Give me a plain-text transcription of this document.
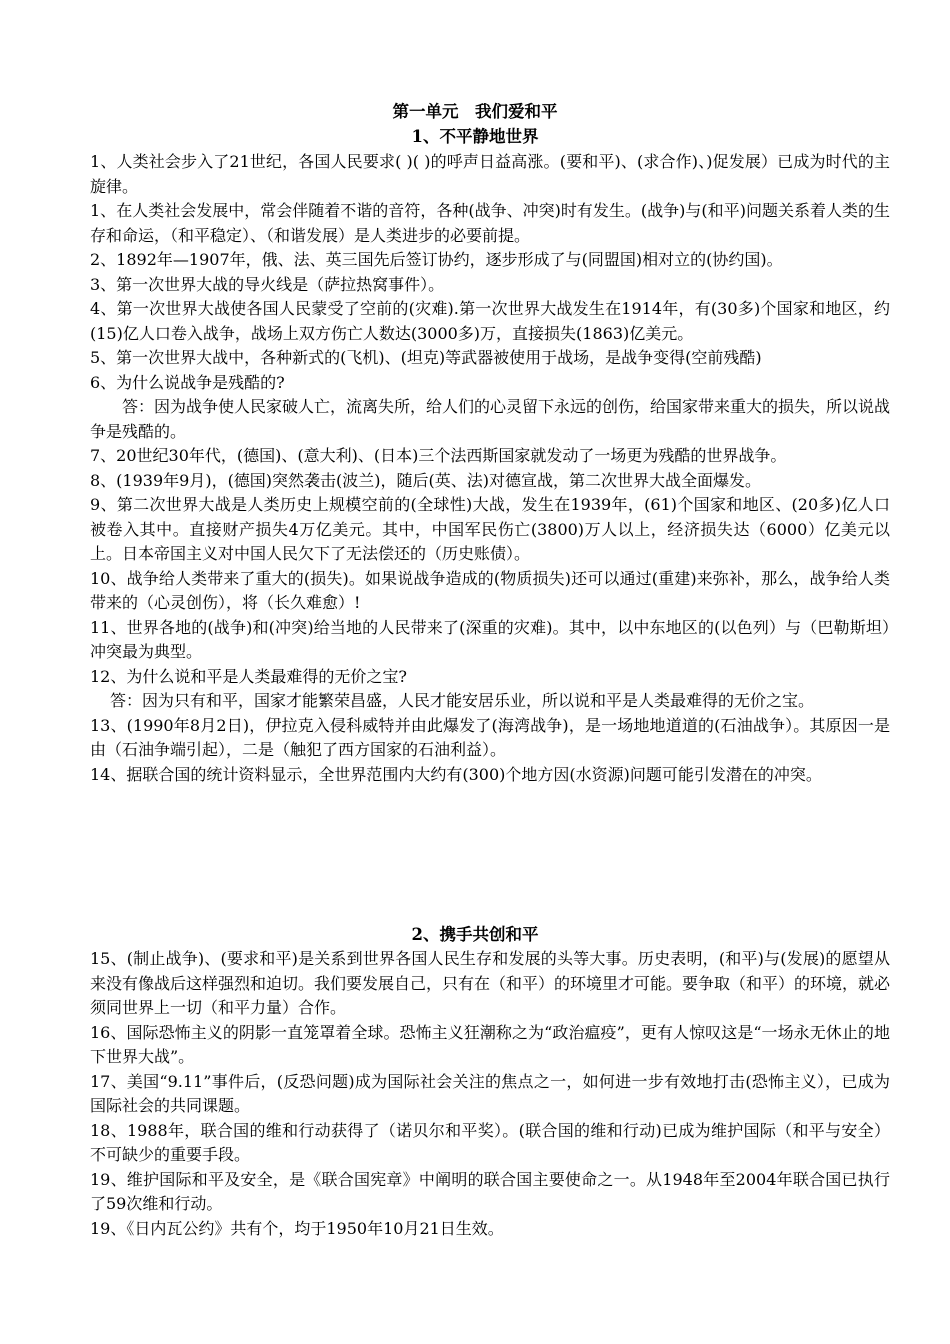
第一单元　我们爱和平
1、不平静地世界

1、人类社会步入了21世纪，各国人民要求( )( )的呼声日益高涨。(要和平)、(求合作)、)促发展）已成为时代的主旋律。

1、在人类社会发展中，常会伴随着不谐的音符，各种(战争、冲突)时有发生。(战争)与(和平)问题关系着人类的生存和命运，（和平稳定）、（和谐发展）是人类进步的必要前提。

2、1892年—1907年，俄、法、英三国先后签订协约，逐步形成了与(同盟国)相对立的(协约国)。

3、第一次世界大战的导火线是（萨拉热窝事件）。

4、第一次世界大战使各国人民蒙受了空前的(灾难).第一次世界大战发生在1914年，有(30多)个国家和地区，约(15)亿人口卷入战争，战场上双方伤亡人数达(3000多)万，直接损失(1863)亿美元。

5、第一次世界大战中，各种新式的(飞机)、(坦克)等武器被使用于战场，是战争变得(空前残酷)

6、为什么说战争是残酷的?

答：因为战争使人民家破人亡，流离失所，给人们的心灵留下永远的创伤，给国家带来重大的损失，所以说战争是残酷的。

7、20世纪30年代，(德国)、(意大利)、(日本)三个法西斯国家就发动了一场更为残酷的世界战争。

8、(1939年9月)，(德国)突然袭击(波兰)，随后(英、法)对德宣战，第二次世界大战全面爆发。

9、第二次世界大战是人类历史上规模空前的(全球性)大战，发生在1939年，(61)个国家和地区、(20多)亿人口被卷入其中。直接财产损失4万亿美元。其中，中国军民伤亡(3800)万人以上，经济损失达（6000）亿美元以上。日本帝国主义对中国人民欠下了无法偿还的（历史账债）。

10、战争给人类带来了重大的(损失)。如果说战争造成的(物质损失)还可以通过(重建)来弥补，那么，战争给人类带来的（心灵创伤），将（长久难愈）!

11、世界各地的(战争)和(冲突)给当地的人民带来了(深重的灾难)。其中，以中东地区的(以色列）与（巴勒斯坦）冲突最为典型。

12、为什么说和平是人类最难得的无价之宝?

答：因为只有和平，国家才能繁荣昌盛，人民才能安居乐业，所以说和平是人类最难得的无价之宝。

13、(1990年8月2日)，伊拉克入侵科威特并由此爆发了(海湾战争)，是一场地地道道的(石油战争）。其原因一是由（石油争端引起），二是（触犯了西方国家的石油利益）。

14、据联合国的统计资料显示，全世界范围内大约有(300)个地方因(水资源)问题可能引发潜在的冲突。

2、携手共创和平

15、(制止战争)、(要求和平)是关系到世界各国人民生存和发展的头等大事。历史表明，(和平)与(发展)的愿望从来没有像战后这样强烈和迫切。我们要发展自己，只有在（和平）的环境里才可能。要争取（和平）的环境，就必须同世界上一切（和平力量）合作。

16、国际恐怖主义的阴影一直笼罩着全球。恐怖主义狂潮称之为“政治瘟疫”，更有人惊叹这是“一场永无休止的地下世界大战”。

17、美国“9.11”事件后，(反恐问题)成为国际社会关注的焦点之一，如何进一步有效地打击(恐怖主义），已成为国际社会的共同课题。

18、1988年，联合国的维和行动获得了（诺贝尔和平奖）。(联合国的维和行动)已成为维护国际（和平与安全）不可缺少的重要手段。

19、维护国际和平及安全，是《联合国宪章》中阐明的联合国主要使命之一。从1948年至2004年联合国已执行了59次维和行动。

19、《日内瓦公约》共有个，均于1950年10月21日生效。
